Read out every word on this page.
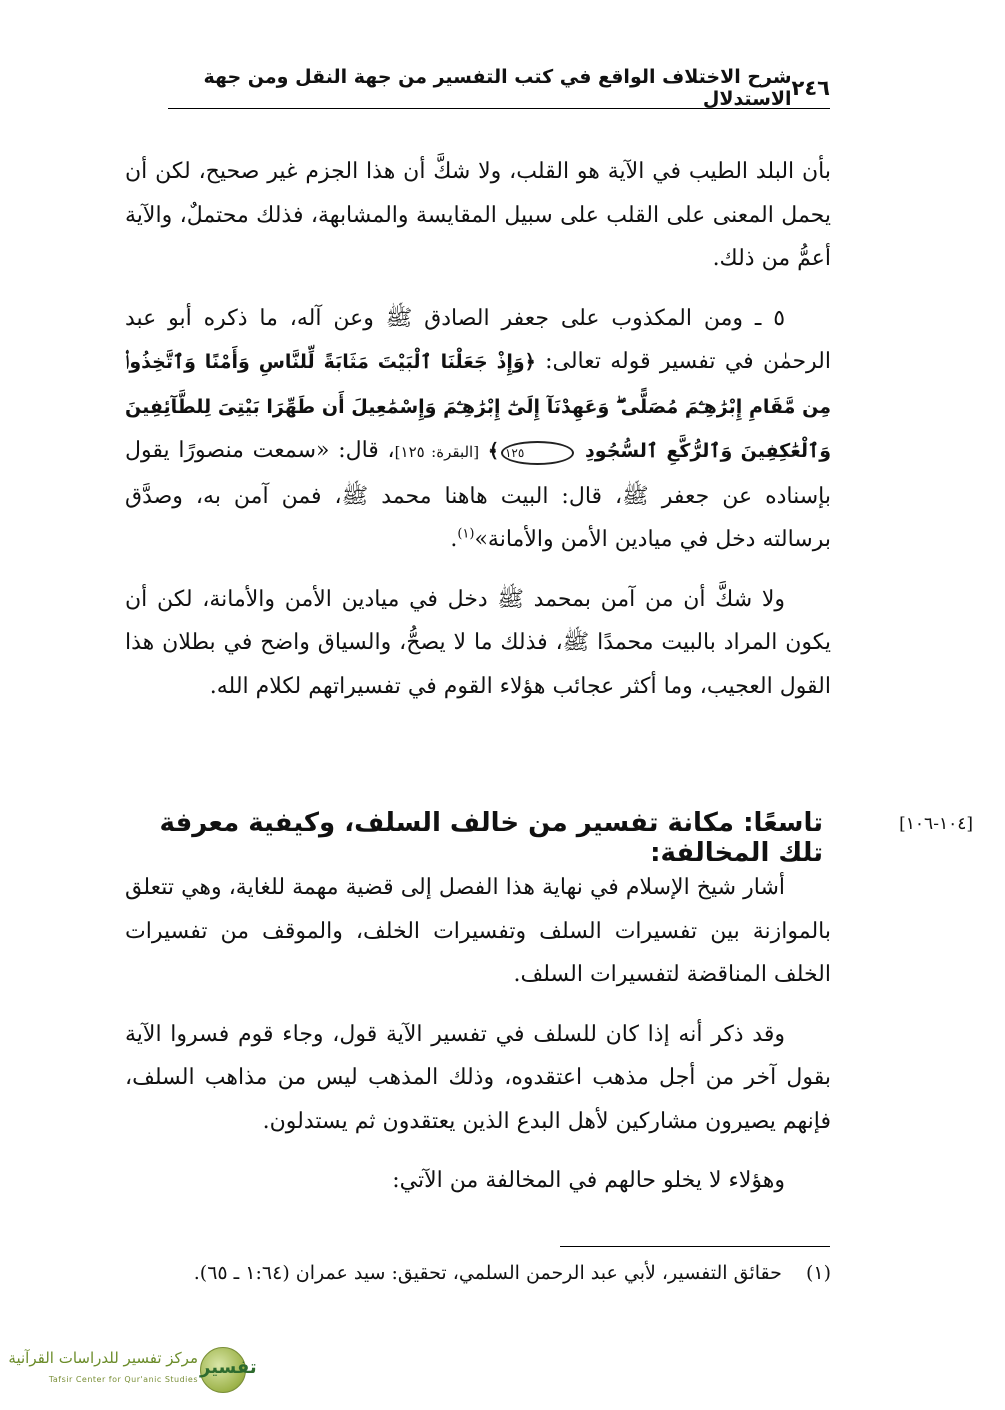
٢٤٦
شرح الاختلاف الواقع في كتب التفسير من جهة النقل ومن جهة الاستدلال

بأن البلد الطيب في الآية هو القلب، ولا شكَّ أن هذا الجزم غير صحيح، لكن أن يحمل المعنى على القلب على سبيل المقايسة والمشابهة، فذلك محتملٌ، والآية أعمُّ من ذلك.

٥ ـ ومن المكذوب على جعفر الصادق ﷺ وعن آله، ما ذكره أبو عبد الرحمٰن في تفسير قوله تعالى: ﴿وَإِذْ جَعَلْنَا ٱلْبَيْتَ مَثَابَةً لِّلنَّاسِ وَأَمْنًا وَٱتَّخِذُوا۟ مِن مَّقَامِ إِبْرَٰهِـۧمَ مُصَلًّى ۖ وَعَهِدْنَآ إِلَىٰٓ إِبْرَٰهِـۧمَ وَإِسْمَٰعِيلَ أَن طَهِّرَا بَيْتِىَ لِلطَّآئِفِينَ وَٱلْعَٰكِفِينَ وَٱلرُّكَّعِ ٱلسُّجُودِ ١٢٥﴾ [البقرة: ١٢٥]، قال: «سمعت منصورًا يقول بإسناده عن جعفر ﷺ، قال: البيت هاهنا محمد ﷺ، فمن آمن به، وصدَّق برسالته دخل في ميادين الأمن والأمانة»$^{(١)}$.

ولا شكَّ أن من آمن بمحمد ﷺ دخل في ميادين الأمن والأمانة، لكن أن يكون المراد بالبيت محمدًا ﷺ، فذلك ما لا يصحُّ، والسياق واضح في بطلان هذا القول العجيب، وما أكثر عجائب هؤلاء القوم في تفسيراتهم لكلام الله.

[١٠٤-١٠٦]
تاسعًا: مكانة تفسير من خالف السلف، وكيفية معرفة تلك المخالفة:

أشار شيخ الإسلام في نهاية هذا الفصل إلى قضية مهمة للغاية، وهي تتعلق بالموازنة بين تفسيرات السلف وتفسيرات الخلف، والموقف من تفسيرات الخلف المناقضة لتفسيرات السلف.

وقد ذكر أنه إذا كان للسلف في تفسير الآية قول، وجاء قوم فسروا الآية بقول آخر من أجل مذهب اعتقدوه، وذلك المذهب ليس من مذاهب السلف، فإنهم يصيرون مشاركين لأهل البدع الذين يعتقدون ثم يستدلون.

وهؤلاء لا يخلو حالهم في المخالفة من الآتي:

(١) حقائق التفسير، لأبي عبد الرحمن السلمي، تحقيق: سيد عمران (١:٦٤ ـ ٦٥).
تفسير
مركز تفسير للدراسات القرآنية
Tafsir Center for Qur'anic Studies
